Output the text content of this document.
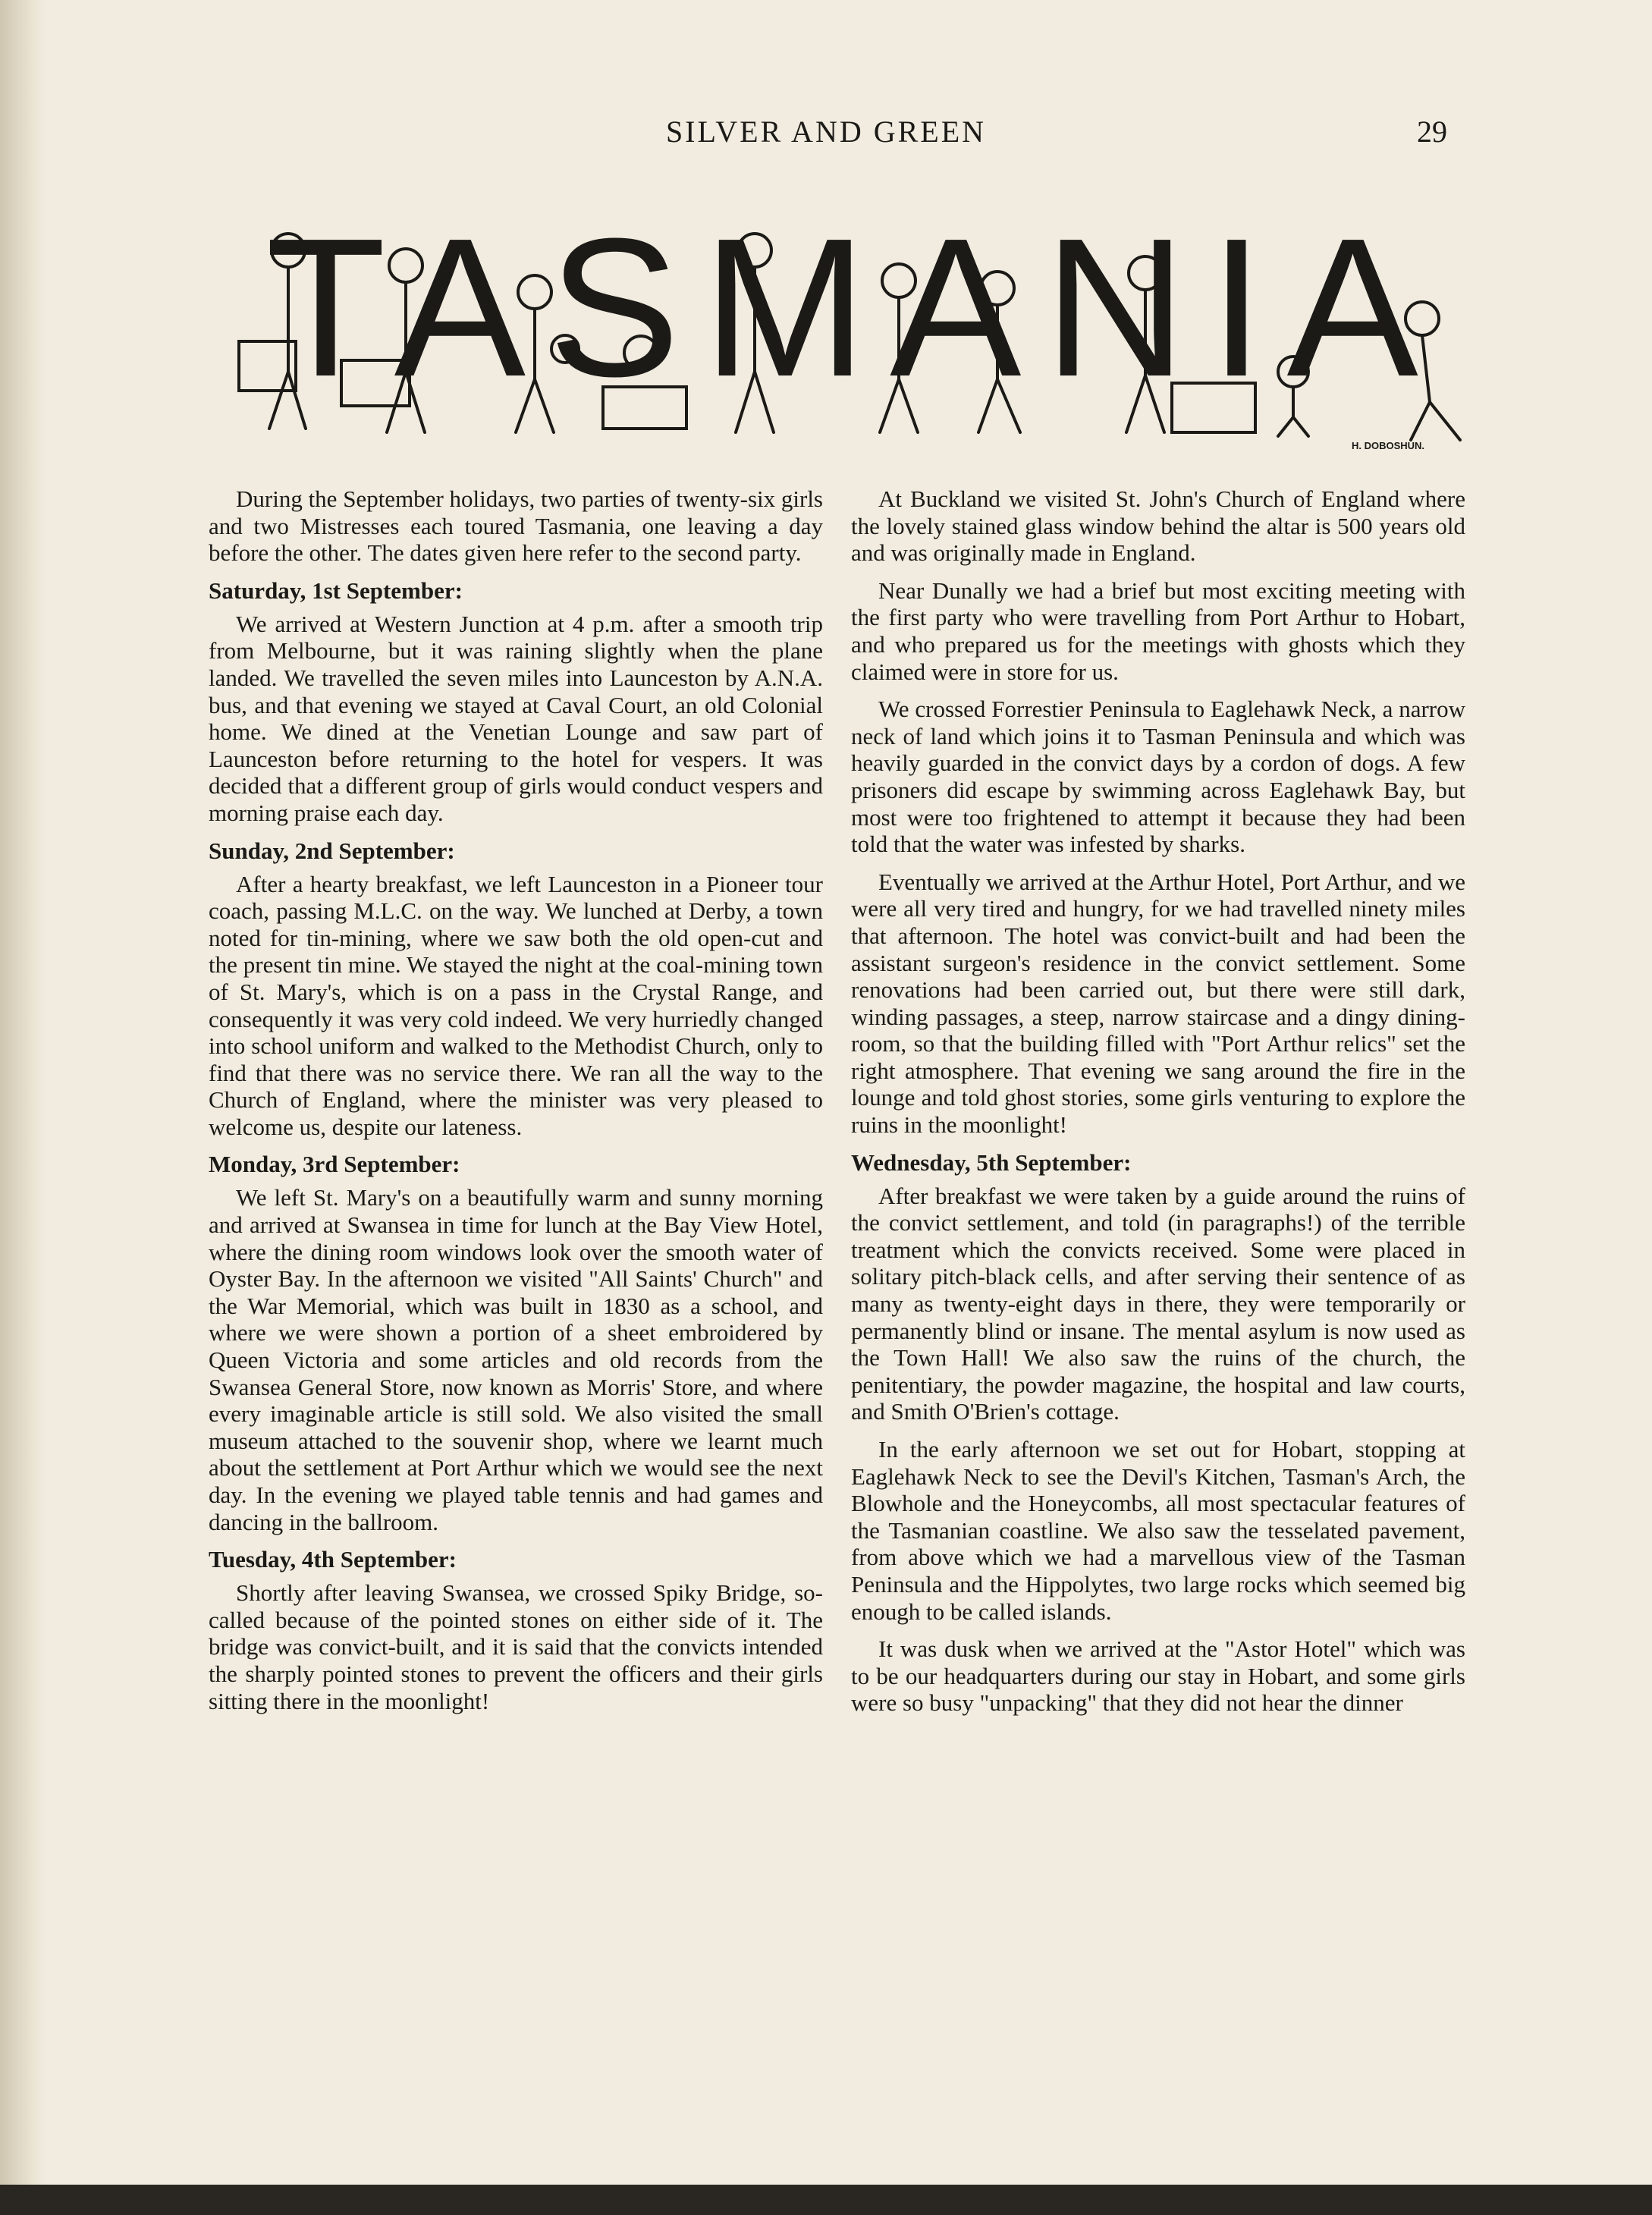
SILVER AND GREEN	29
TASMANIA
H. DOBOSHUN.

During the September holidays, two parties of twenty-six girls and two Mistresses each toured Tasmania, one leaving a day before the other. The dates given here refer to the second party.

Saturday, 1st September:

We arrived at Western Junction at 4 p.m. after a smooth trip from Melbourne, but it was raining slightly when the plane landed. We travelled the seven miles into Launceston by A.N.A. bus, and that evening we stayed at Caval Court, an old Colonial home. We dined at the Venetian Lounge and saw part of Launceston before returning to the hotel for vespers. It was decided that a different group of girls would conduct vespers and morning praise each day.

Sunday, 2nd September:

After a hearty breakfast, we left Launceston in a Pioneer tour coach, passing M.L.C. on the way. We lunched at Derby, a town noted for tin-mining, where we saw both the old open-cut and the present tin mine. We stayed the night at the coal-mining town of St. Mary's, which is on a pass in the Crystal Range, and consequently it was very cold indeed. We very hurriedly changed into school uniform and walked to the Methodist Church, only to find that there was no service there. We ran all the way to the Church of England, where the minister was very pleased to welcome us, despite our lateness.

Monday, 3rd September:

We left St. Mary's on a beautifully warm and sunny morning and arrived at Swansea in time for lunch at the Bay View Hotel, where the dining room windows look over the smooth water of Oyster Bay. In the afternoon we visited "All Saints' Church" and the War Memorial, which was built in 1830 as a school, and where we were shown a portion of a sheet embroidered by Queen Victoria and some articles and old records from the Swansea General Store, now known as Morris' Store, and where every imaginable article is still sold. We also visited the small museum attached to the souvenir shop, where we learnt much about the settlement at Port Arthur which we would see the next day. In the evening we played table tennis and had games and dancing in the ballroom.

Tuesday, 4th September:

Shortly after leaving Swansea, we crossed Spiky Bridge, so-called because of the pointed stones on either side of it. The bridge was convict-built, and it is said that the convicts intended the sharply pointed stones to prevent the officers and their girls sitting there in the moonlight!

At Buckland we visited St. John's Church of England where the lovely stained glass window behind the altar is 500 years old and was originally made in England.

Near Dunally we had a brief but most exciting meeting with the first party who were travelling from Port Arthur to Hobart, and who prepared us for the meetings with ghosts which they claimed were in store for us.

We crossed Forrestier Peninsula to Eaglehawk Neck, a narrow neck of land which joins it to Tasman Peninsula and which was heavily guarded in the convict days by a cordon of dogs. A few prisoners did escape by swimming across Eaglehawk Bay, but most were too frightened to attempt it because they had been told that the water was infested by sharks.

Eventually we arrived at the Arthur Hotel, Port Arthur, and we were all very tired and hungry, for we had travelled ninety miles that afternoon. The hotel was convict-built and had been the assistant surgeon's residence in the convict settlement. Some renovations had been carried out, but there were still dark, winding passages, a steep, narrow staircase and a dingy dining-room, so that the building filled with "Port Arthur relics" set the right atmosphere. That evening we sang around the fire in the lounge and told ghost stories, some girls venturing to explore the ruins in the moonlight!

Wednesday, 5th September:

After breakfast we were taken by a guide around the ruins of the convict settlement, and told (in paragraphs!) of the terrible treatment which the convicts received. Some were placed in solitary pitch-black cells, and after serving their sentence of as many as twenty-eight days in there, they were temporarily or permanently blind or insane. The mental asylum is now used as the Town Hall! We also saw the ruins of the church, the penitentiary, the powder magazine, the hospital and law courts, and Smith O'Brien's cottage.

In the early afternoon we set out for Hobart, stopping at Eaglehawk Neck to see the Devil's Kitchen, Tasman's Arch, the Blowhole and the Honeycombs, all most spectacular features of the Tasmanian coastline. We also saw the tesselated pavement, from above which we had a marvellous view of the Tasman Peninsula and the Hippolytes, two large rocks which seemed big enough to be called islands.

It was dusk when we arrived at the "Astor Hotel" which was to be our headquarters during our stay in Hobart, and some girls were so busy "unpacking" that they did not hear the dinner
